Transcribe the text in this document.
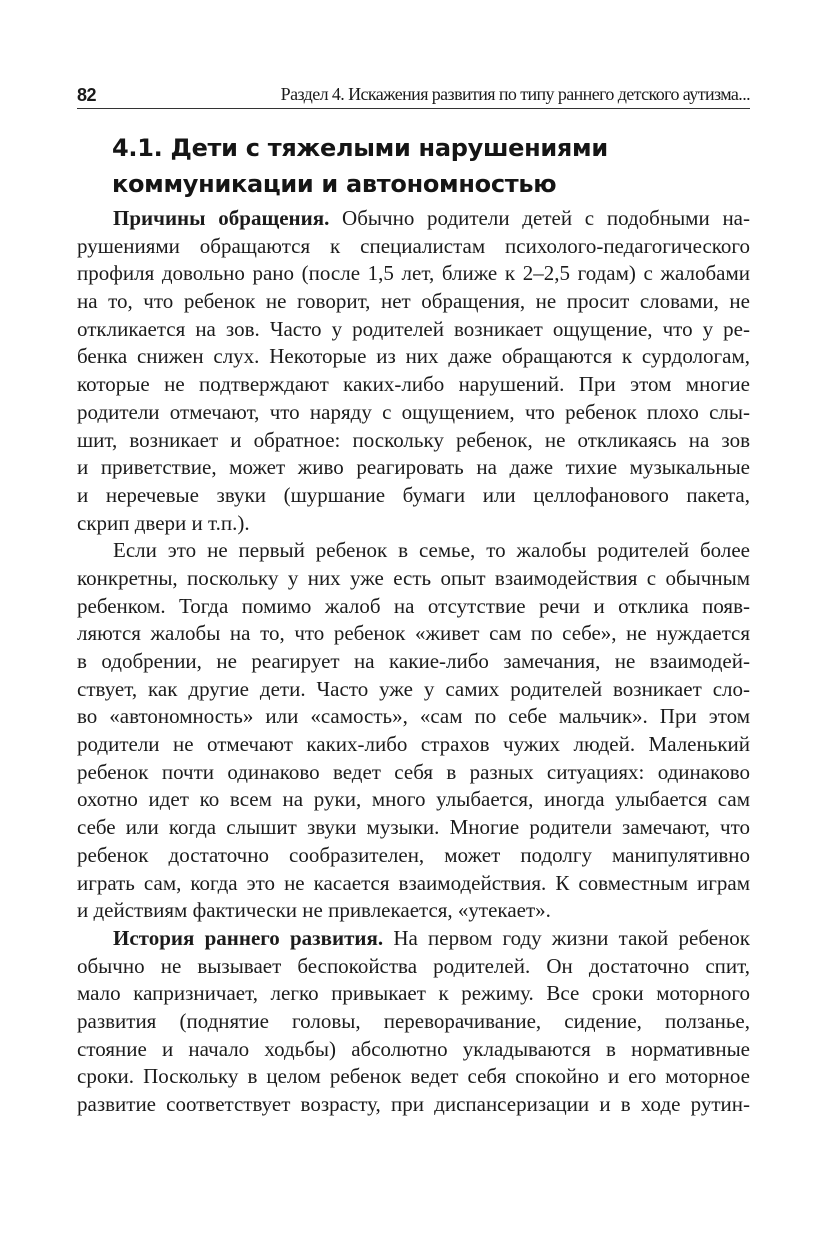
82	Раздел 4. Искажения развития по типу раннего детского аутизма...
4.1. Дети с тяжелыми нарушениями
коммуникации и автономностью
Причины обращения. Обычно родители детей с подобными на-
рушениями обращаются к специалистам психолого-педагогического
профиля довольно рано (после 1,5 лет, ближе к 2–2,5 годам) с жалобами
на то, что ребенок не говорит, нет обращения, не просит словами, не
откликается на зов. Часто у родителей возникает ощущение, что у ре-
бенка снижен слух. Некоторые из них даже обращаются к сурдологам,
которые не подтверждают каких-либо нарушений. При этом многие
родители отмечают, что наряду с ощущением, что ребенок плохо слы-
шит, возникает и обратное: поскольку ребенок, не откликаясь на зов
и приветствие, может живо реагировать на даже тихие музыкальные
и неречевые звуки (шуршание бумаги или целлофанового пакета,
скрип двери и т.п.).
Если это не первый ребенок в семье, то жалобы родителей более
конкретны, поскольку у них уже есть опыт взаимодействия с обычным
ребенком. Тогда помимо жалоб на отсутствие речи и отклика появ-
ляются жалобы на то, что ребенок «живет сам по себе», не нуждается
в одобрении, не реагирует на какие-либо замечания, не взаимодей-
ствует, как другие дети. Часто уже у самих родителей возникает сло-
во «автономность» или «самость», «сам по себе мальчик». При этом
родители не отмечают каких-либо страхов чужих людей. Маленький
ребенок почти одинаково ведет себя в разных ситуациях: одинаково
охотно идет ко всем на руки, много улыбается, иногда улыбается сам
себе или когда слышит звуки музыки. Многие родители замечают, что
ребенок достаточно сообразителен, может подолгу манипулятивно
играть сам, когда это не касается взаимодействия. К совместным играм
и действиям фактически не привлекается, «утекает».
История раннего развития. На первом году жизни такой ребенок
обычно не вызывает беспокойства родителей. Он достаточно спит,
мало капризничает, легко привыкает к режиму. Все сроки моторного
развития (поднятие головы, переворачивание, сидение, ползанье,
стояние и начало ходьбы) абсолютно укладываются в нормативные
сроки. Поскольку в целом ребенок ведет себя спокойно и его моторное
развитие соответствует возрасту, при диспансеризации и в ходе рутин-
